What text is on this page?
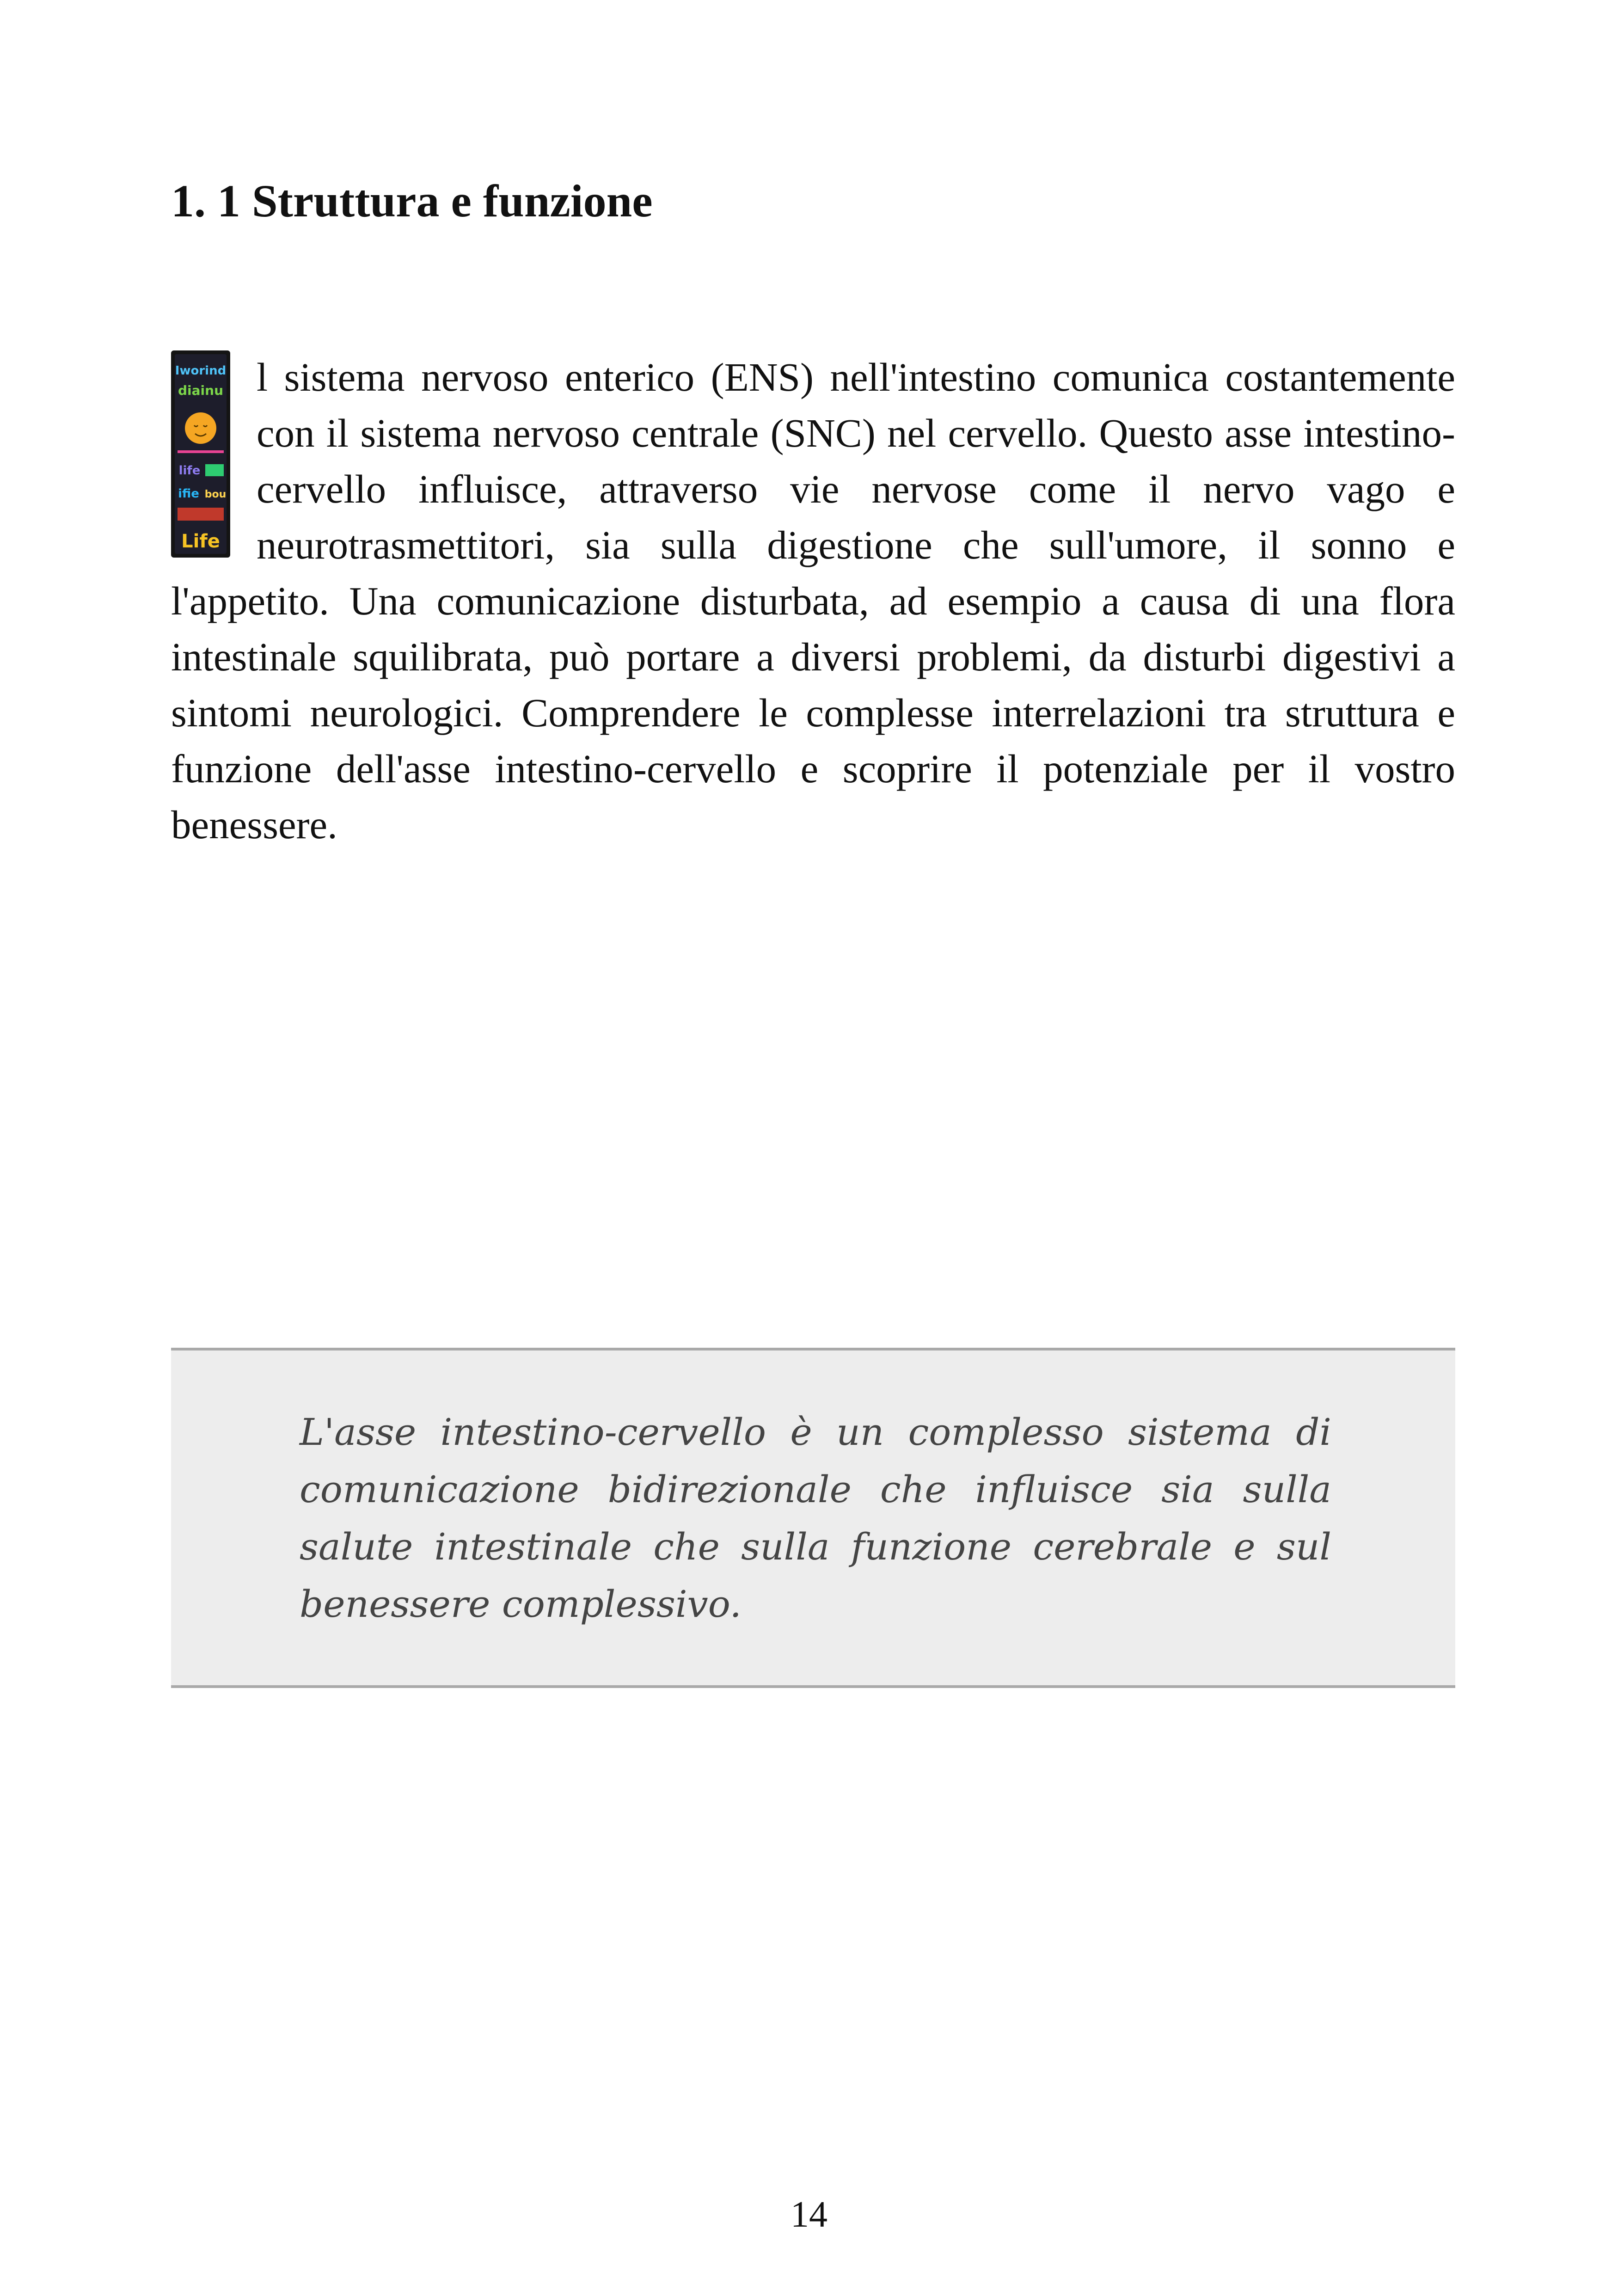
1. 1 Struttura e funzione
Iworind
diainu
life
ifie bou
Life

l sistema nervoso enterico (ENS) nell'intestino comunica costantemente con il sistema nervoso centrale (SNC) nel cervello. Questo asse intestino-cervello influisce, attraverso vie nervose come il nervo vago e neurotrasmettitori, sia sulla digestione che sull'umore, il sonno e l'appetito. Una comunicazione disturbata, ad esempio a causa di una flora intestinale squilibrata, può portare a diversi problemi, da disturbi digestivi a sintomi neurologici. Comprendere le complesse interrelazioni tra struttura e funzione dell'asse intestino-cervello e scoprire il potenziale per il vostro benessere.

L'asse intestino-cervello è un complesso sistema di comunicazione bidirezionale che influisce sia sulla salute intestinale che sulla funzione cerebrale e sul benessere complessivo.

14
